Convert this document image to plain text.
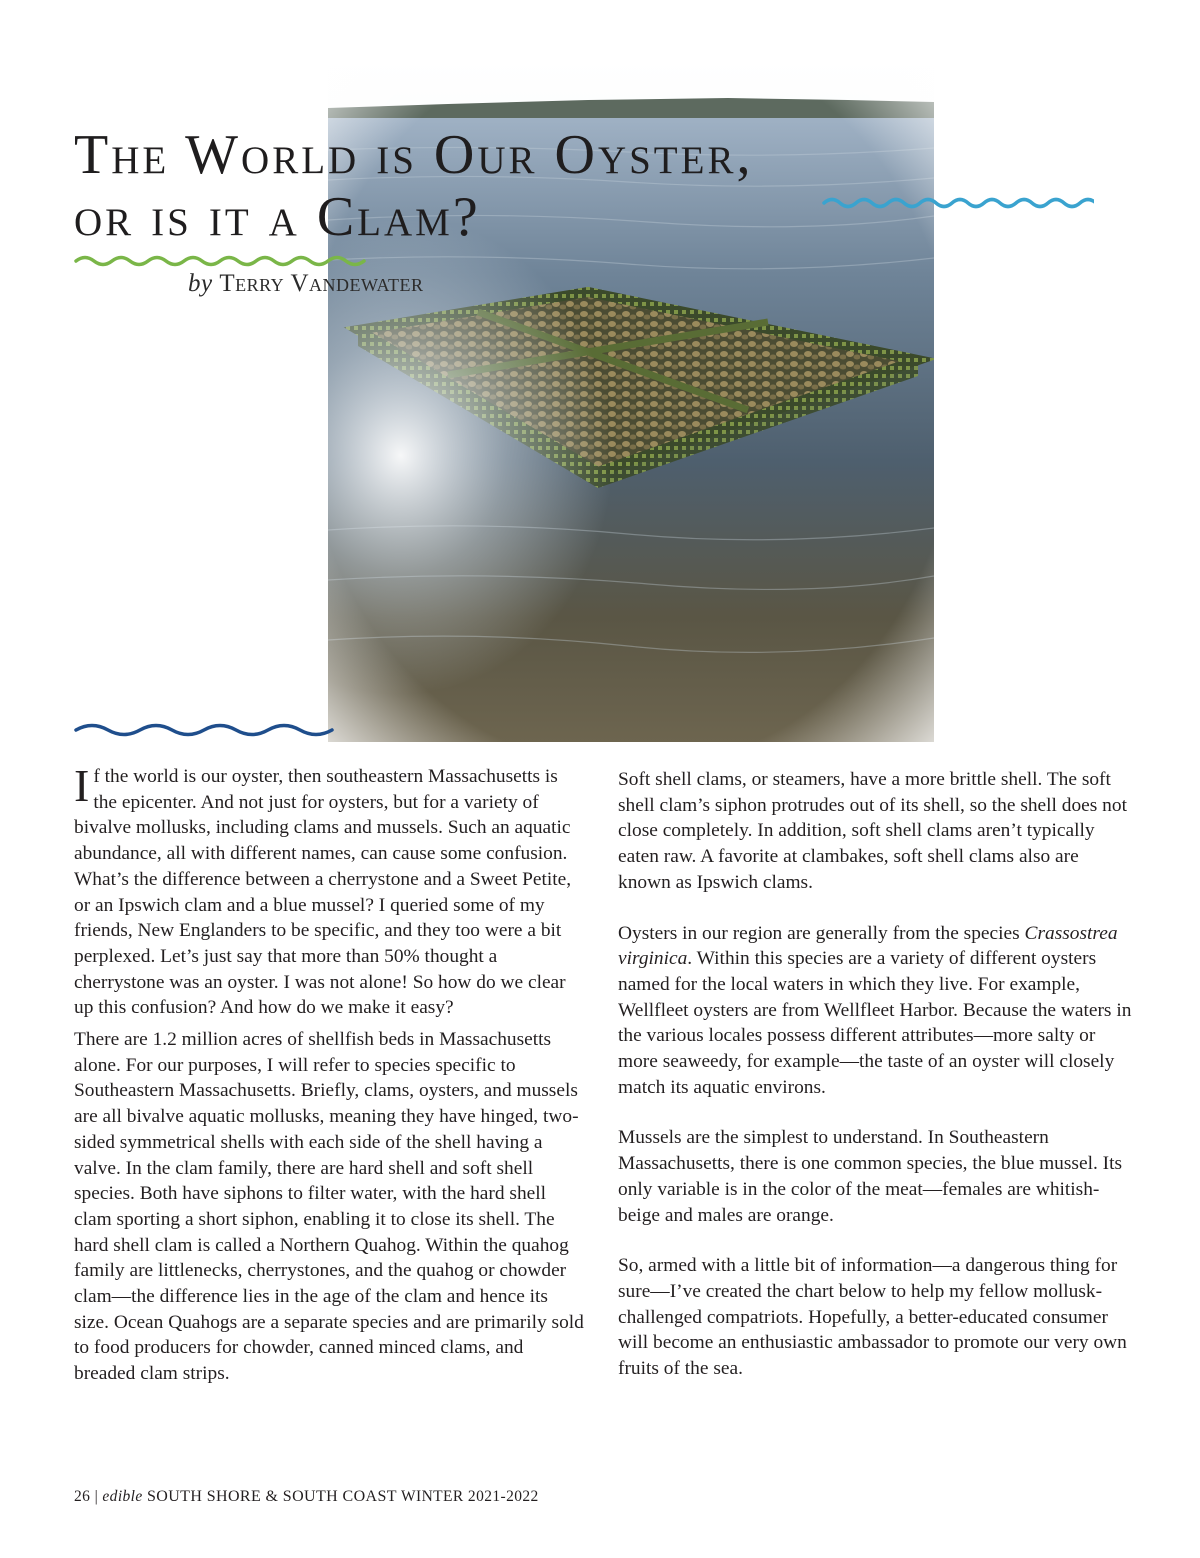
The World is Our Oyster,
or is it a Clam?
by Terry Vandewater

If the world is our oyster, then southeastern Massachusetts is the epicenter. And not just for oysters, but for a variety of bivalve mollusks, including clams and mussels. Such an aquatic abundance, all with different names, can cause some confusion. What’s the difference between a cherrystone and a Sweet Petite, or an Ipswich clam and a blue mussel? I queried some of my friends, New Englanders to be specific, and they too were a bit perplexed. Let’s just say that more than 50% thought a cherrystone was an oyster. I was not alone! So how do we clear up this confusion? And how do we make it easy?

There are 1.2 million acres of shellfish beds in Massachusetts alone. For our purposes, I will refer to species specific to Southeastern Massachusetts. Briefly, clams, oysters, and mussels are all bivalve aquatic mollusks, meaning they have hinged, two-sided symmetrical shells with each side of the shell having a valve. In the clam family, there are hard shell and soft shell species. Both have siphons to filter water, with the hard shell clam sporting a short siphon, enabling it to close its shell. The hard shell clam is called a Northern Quahog. Within the quahog family are littlenecks, cherrystones, and the quahog or chowder clam—the difference lies in the age of the clam and hence its size. Ocean Quahogs are a separate species and are primarily sold to food producers for chowder, canned minced clams, and breaded clam strips.

Soft shell clams, or steamers, have a more brittle shell. The soft shell clam’s siphon protrudes out of its shell, so the shell does not close completely. In addition, soft shell clams aren’t typically eaten raw. A favorite at clambakes, soft shell clams also are known as Ipswich clams.

Oysters in our region are generally from the species Crassostrea virginica. Within this species are a variety of different oysters named for the local waters in which they live. For example, Wellfleet oysters are from Wellfleet Harbor. Because the waters in the various locales possess different attributes—more salty or more seaweedy, for example—the taste of an oyster will closely match its aquatic environs.

Mussels are the simplest to understand. In Southeastern Massachusetts, there is one common species, the blue mussel. Its only variable is in the color of the meat—females are whitish-beige and males are orange.

So, armed with a little bit of information—a dangerous thing for sure—I’ve created the chart below to help my fellow mollusk-challenged compatriots. Hopefully, a better-educated consumer will become an enthusiastic ambassador to promote our very own fruits of the sea.

26 | edible SOUTH SHORE & SOUTH COAST WINTER 2021-2022
